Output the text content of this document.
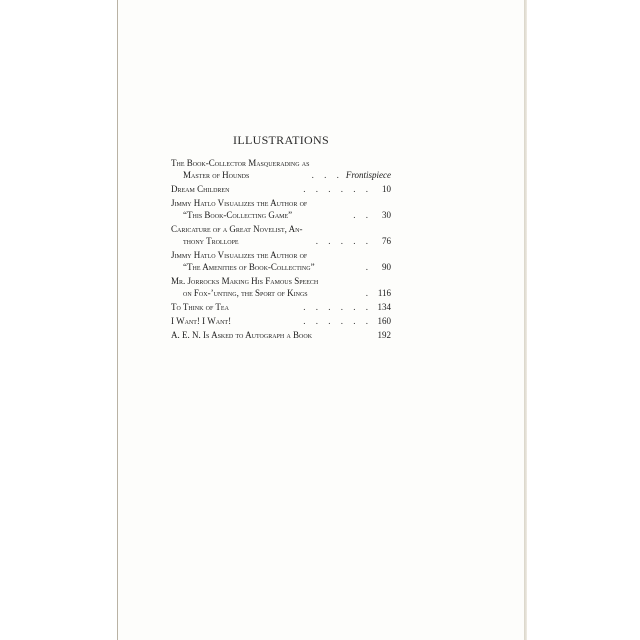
ILLUSTRATIONS
The Book-Collector Masquerading as
Master of Hounds	. . . Frontispiece
Dream Children	. . . . . .	10
Jimmy Hatlo Visualizes the Author of
“This Book-Collecting Game”	. .	30
Caricature of a Great Novelist, An-
thony Trollope	. . . . .	76
Jimmy Hatlo Visualizes the Author of
“The Amenities of Book-Collecting”	.	90
Mr. Jorrocks Making His Famous Speech
on Fox-’unting, the Sport of Kings	. 116
To Think of Tea	. . . . . . 134
I Want! I Want!	. . . . . . 160
A. E. N. Is Asked to Autograph a Book	192
